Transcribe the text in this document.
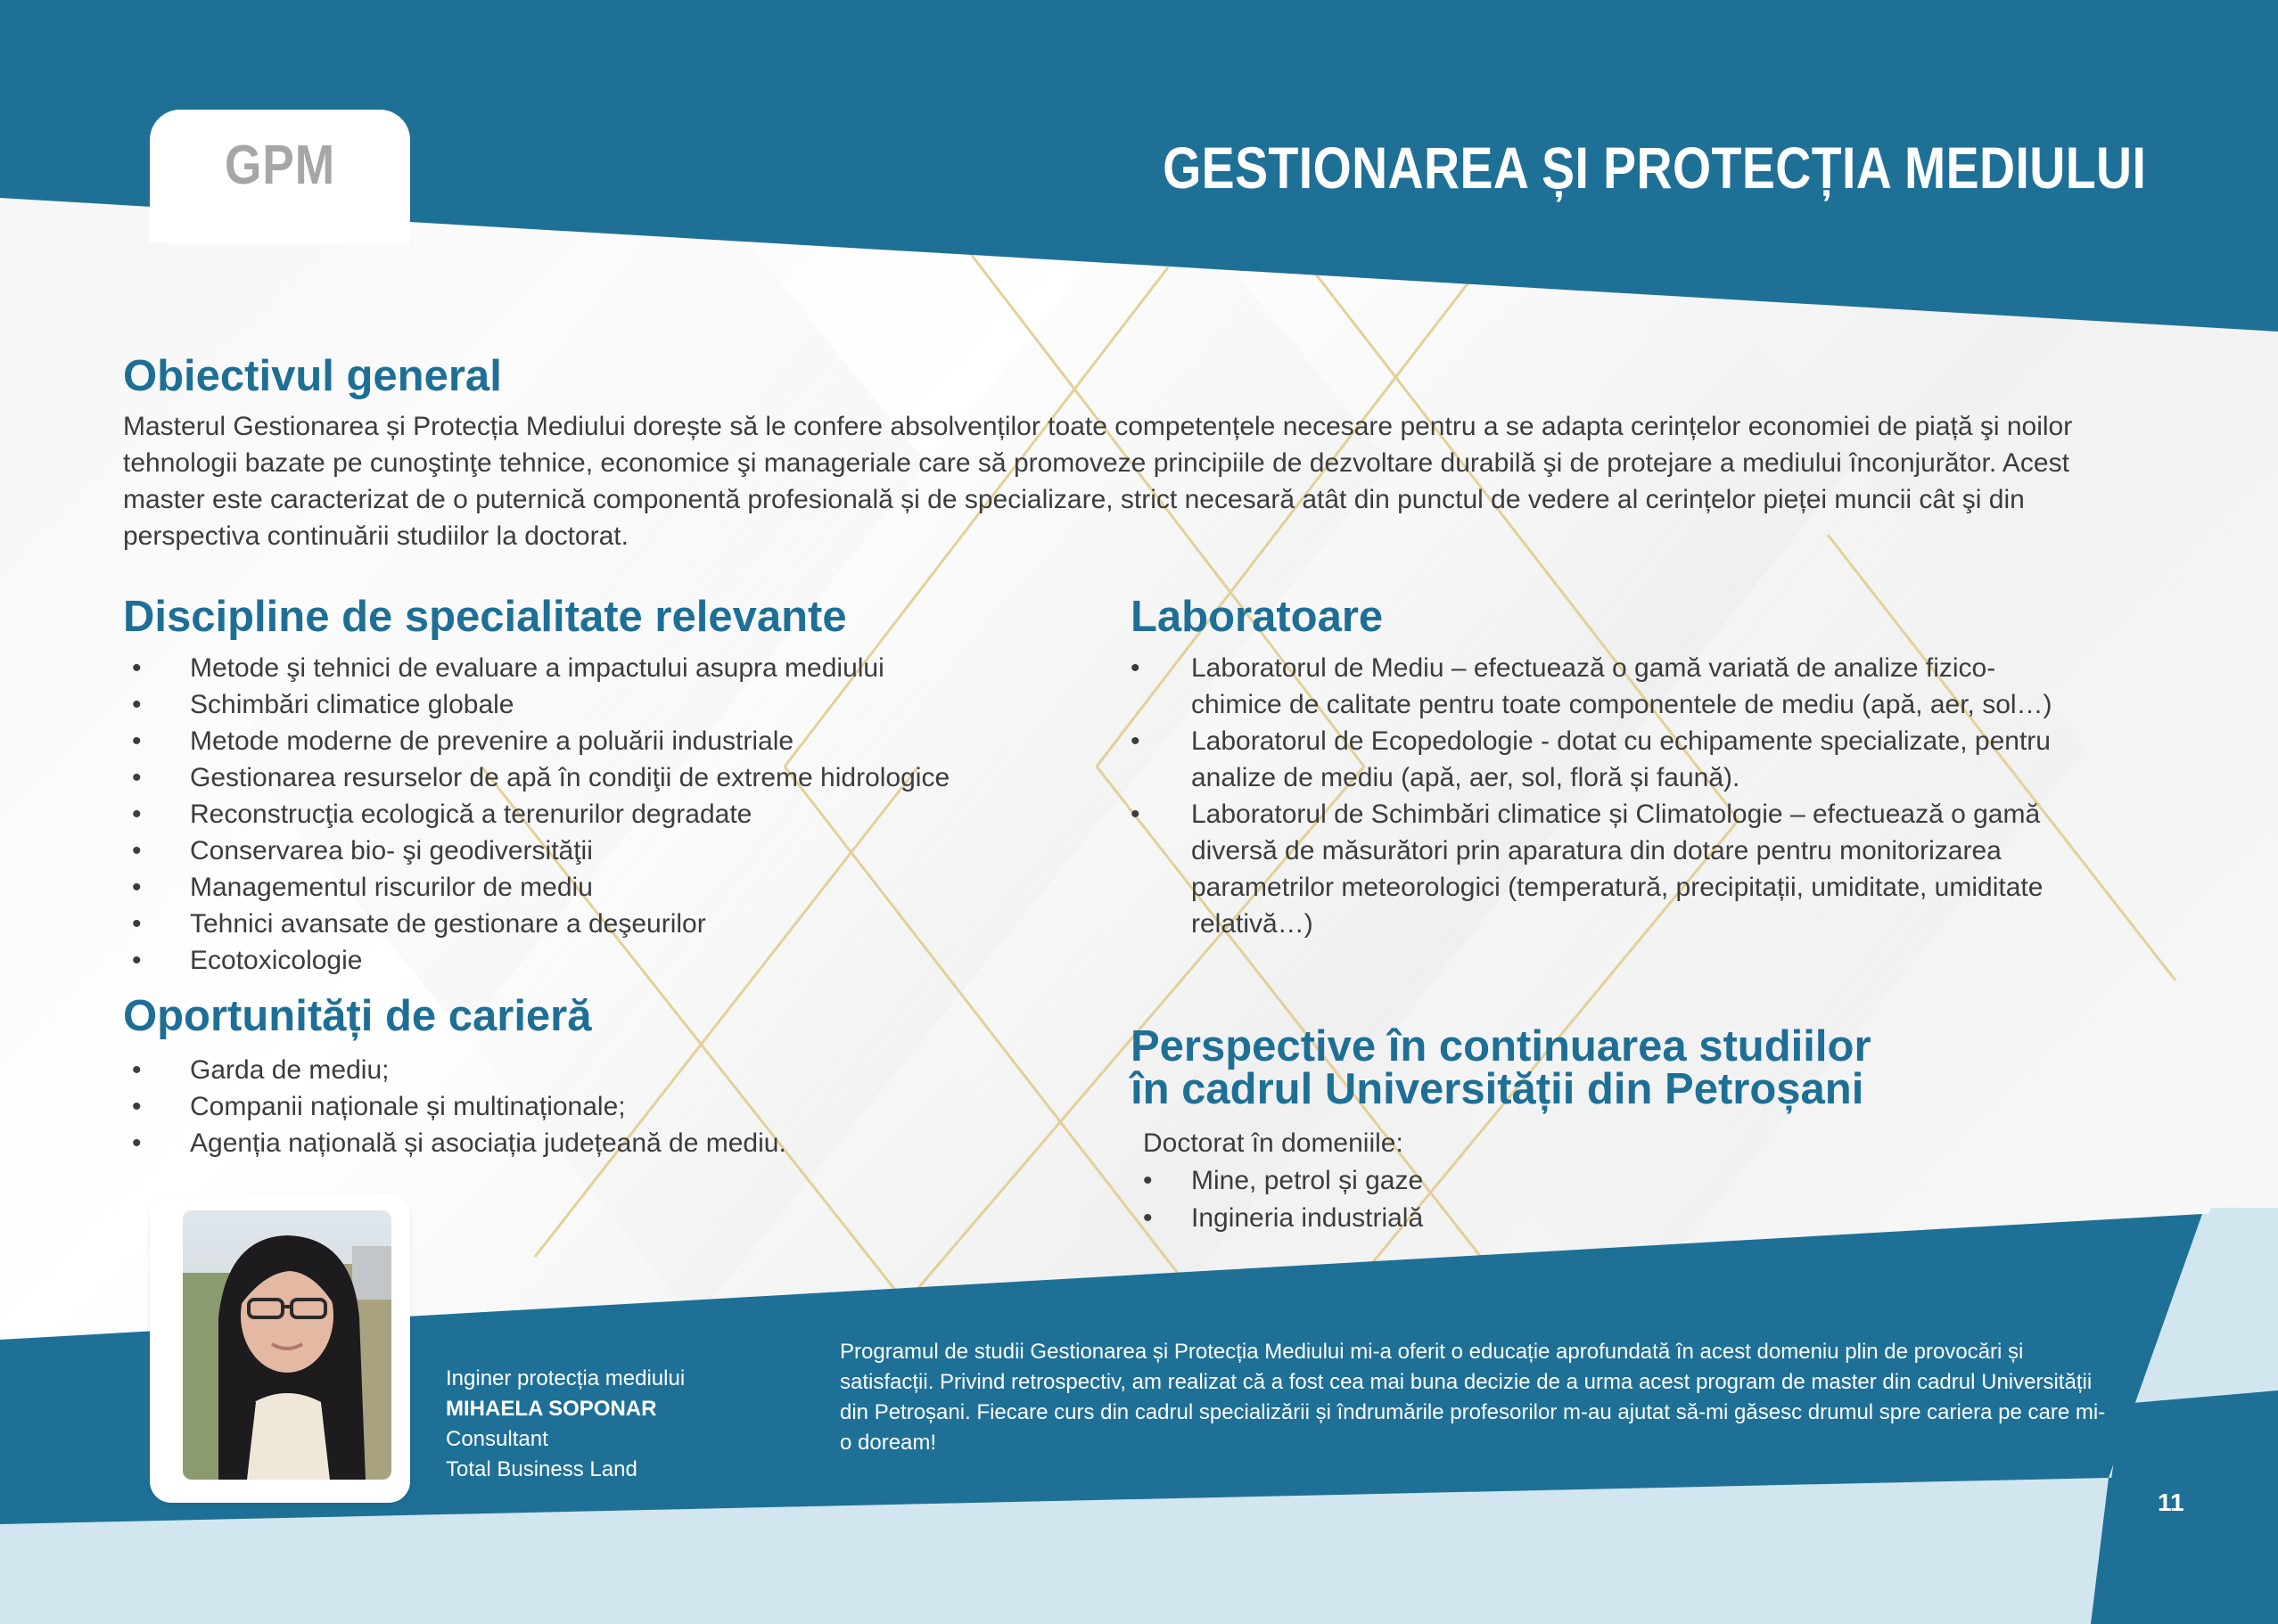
GPM	GESTIONAREA ȘI PROTECȚIA MEDIULUI
Obiectivul general

Masterul Gestionarea și Protecția Mediului dorește să le confere absolvenților toate competențele necesare pentru a se adapta cerințelor economiei de piață şi noilor tehnologii bazate pe cunoştinţe tehnice, economice şi manageriale care să promoveze principiile de dezvoltare durabilă şi de protejare a mediului înconjurător. Acest master este caracterizat de o puternică componentă profesională și de specializare, strict necesară atât din punctul de vedere al cerințelor pieței muncii cât şi din perspectiva continuării studiilor la doctorat.

Discipline de specialitate relevante
• Metode şi tehnici de evaluare a impactului asupra mediului
• Schimbări climatice globale
• Metode moderne de prevenire a poluării industriale
• Gestionarea resurselor de apă în condiţii de extreme hidrologice
• Reconstrucţia ecologică a terenurilor degradate
• Conservarea bio- şi geodiversităţii
• Managementul riscurilor de mediu
• Tehnici avansate de gestionare a deşeurilor
• Ecotoxicologie
Oportunități de carieră
• Garda de mediu;
• Companii naționale și multinaționale;
• Agenția națională și asociația județeană de mediu.
Laboratoare
• Laboratorul de Mediu – efectuează o gamă variată de analize fizico-chimice de calitate pentru toate componentele de mediu (apă, aer, sol…)
• Laboratorul de Ecopedologie - dotat cu echipamente specializate, pentru analize de mediu (apă, aer, sol, floră și faună).
• Laboratorul de Schimbări climatice și Climatologie – efectuează o gamă diversă de măsurători prin aparatura din dotare pentru monitorizarea parametrilor meteorologici (temperatură, precipitații, umiditate, umiditate relativă…)
Perspective în continuarea studiilor
în cadrul Universității din Petroșani

Doctorat în domeniile:

• Mine, petrol și gaze
• Ingineria industrială
Inginer protecția mediului
MIHAELA SOPONAR
Consultant
Total Business Land

Programul de studii Gestionarea și Protecția Mediului mi-a oferit o educație aprofundată în acest domeniu plin de provocări și satisfacții. Privind retrospectiv, am realizat că a fost cea mai buna decizie de a urma acest program de master din cadrul Universității din Petroșani. Fiecare curs din cadrul specializării și îndrumările profesorilor m-au ajutat să-mi găsesc drumul spre cariera pe care mi-o doream!

11
